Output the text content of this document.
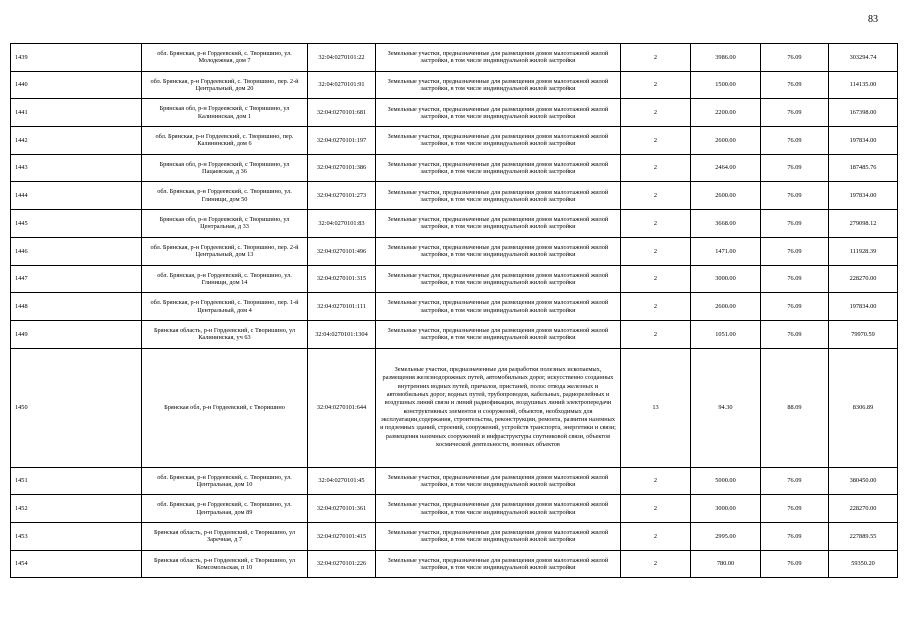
83
1439	обл. Брянская, р-н Гордеевский, с. Творишино, ул. Молодежная, дом 7	32:04:0270101:22	Земельные участки, предназначенные для размещения домов малоэтажной жилой застройки, в том числе индивидуальной жилой застройки	2	3986.00	76.09	303294.74
1440	обл. Брянская, р-н Гордеевский, с. Творишино, пер. 2-й Центральный, дом 20	32:04:0270101:91	Земельные участки, предназначенные для размещения домов малоэтажной жилой застройки, в том числе индивидуальной жилой застройки	2	1500.00	76.09	114135.00
1441	Брянская обл, р-н Гордеевский, с Творишино, ул Калининская, дом 1	32:04:0270101:681	Земельные участки, предназначенные для размещения домов малоэтажной жилой застройки, в том числе индивидуальной жилой застройки	2	2200.00	76.09	167398.00
1442	обл. Брянская, р-н Гордеевский, с. Творишино, пер. Калининский, дом 6	32:04:0270101:197	Земельные участки, предназначенные для размещения домов малоэтажной жилой застройки, в том числе индивидуальной жилой застройки	2	2600.00	76.09	197834.00
1443	Брянская обл, р-н Гордеевский, с Творишино, ул Пацаевская, д 36	32:04:0270101:386	Земельные участки, предназначенные для размещения домов малоэтажной жилой застройки, в том числе индивидуальной жилой застройки	2	2464.00	76.09	187485.76
1444	обл. Брянская, р-н Гордеевский, с. Творишино, ул. Глинищи, дом 50	32:04:0270101:273	Земельные участки, предназначенные для размещения домов малоэтажной жилой застройки, в том числе индивидуальной жилой застройки	2	2600.00	76.09	197834.00
1445	Брянская обл, р-н Гордеевский, с Творишино, ул Центральная, д 33	32:04:0270101:83	Земельные участки, предназначенные для размещения домов малоэтажной жилой застройки, в том числе индивидуальной жилой застройки	2	3668.00	76.09	279098.12
1446	обл. Брянская, р-н Гордеевский, с. Творишино, пер. 2-й Центральный, дом 13	32:04:0270101:496	Земельные участки, предназначенные для размещения домов малоэтажной жилой застройки, в том числе индивидуальной жилой застройки	2	1471.00	76.09	111928.39
1447	обл. Брянская, р-н Гордеевский, с. Творишино, ул. Глинищи, дом 14	32:04:0270101:315	Земельные участки, предназначенные для размещения домов малоэтажной жилой застройки, в том числе индивидуальной жилой застройки	2	3000.00	76.09	228270.00
1448	обл. Брянская, р-н Гордеевский, с. Творишино, пер. 1-й Центральный, дом 4	32:04:0270101:111	Земельные участки, предназначенные для размещения домов малоэтажной жилой застройки, в том числе индивидуальной жилой застройки	2	2600.00	76.09	197834.00
1449	Брянская область, р-н Гордеевский, с Творишино, ул Калининская, уч 63	32:04:0270101:1304	Земельные участки, предназначенные для размещения домов малоэтажной жилой застройки, в том числе индивидуальной жилой застройки	2	1051.00	76.09	79970.59
1450	Брянская обл, р-н Гордеевский, с Творишино	32:04:0270101:644	Земельные участки, предназначенные для разработки полезных ископаемых, размещения железнодорожных путей, автомобильных дорог, искусственно созданных внутренних водных путей, причалов, пристаней, полос отвода железных и автомобильных дорог, водных путей, трубопроводов, кабельных, радиорелейных и воздушных линий связи и линий радиофикации, воздушных линий электропередачи конструктивных элементов и сооружений, объектов, необходимых для эксплуатации,содержания, строительства, реконструкции, ремонта, развития наземных и подземных зданий, строений, сооружений, устройств транспорта, энергетики и связи; размещения наземных сооружений и инфраструктуры спутниковой связи, объектов космической деятельности, военных объектов	13	94.30	88.09	8306.89
1451	обл. Брянская, р-н Гордеевский, с. Творишино, ул. Центральная, дом 10	32:04:0270101:45	Земельные участки, предназначенные для размещения домов малоэтажной жилой застройки, в том числе индивидуальной жилой застройки	2	5000.00	76.09	380450.00
1452	обл. Брянская, р-н Гордеевский, с. Творишино, ул. Центральная, дом 89	32:04:0270101:361	Земельные участки, предназначенные для размещения домов малоэтажной жилой застройки, в том числе индивидуальной жилой застройки	2	3000.00	76.09	228270.00
1453	Брянская область, р-н Гордеевский, с Творишино, ул Заречная, д 7	32:04:0270101:415	Земельные участки, предназначенные для размещения домов малоэтажной жилой застройки, в том числе индивидуальной жилой застройки	2	2995.00	76.09	227889.55
1454	Брянская область, р-н Гордеевский, с Творишино, ул Комсомольская, п 10	32:04:0270101:226	Земельные участки, предназначенные для размещения домов малоэтажной жилой застройки, в том числе индивидуальной жилой застройки	2	780.00	76.09	59350.20
